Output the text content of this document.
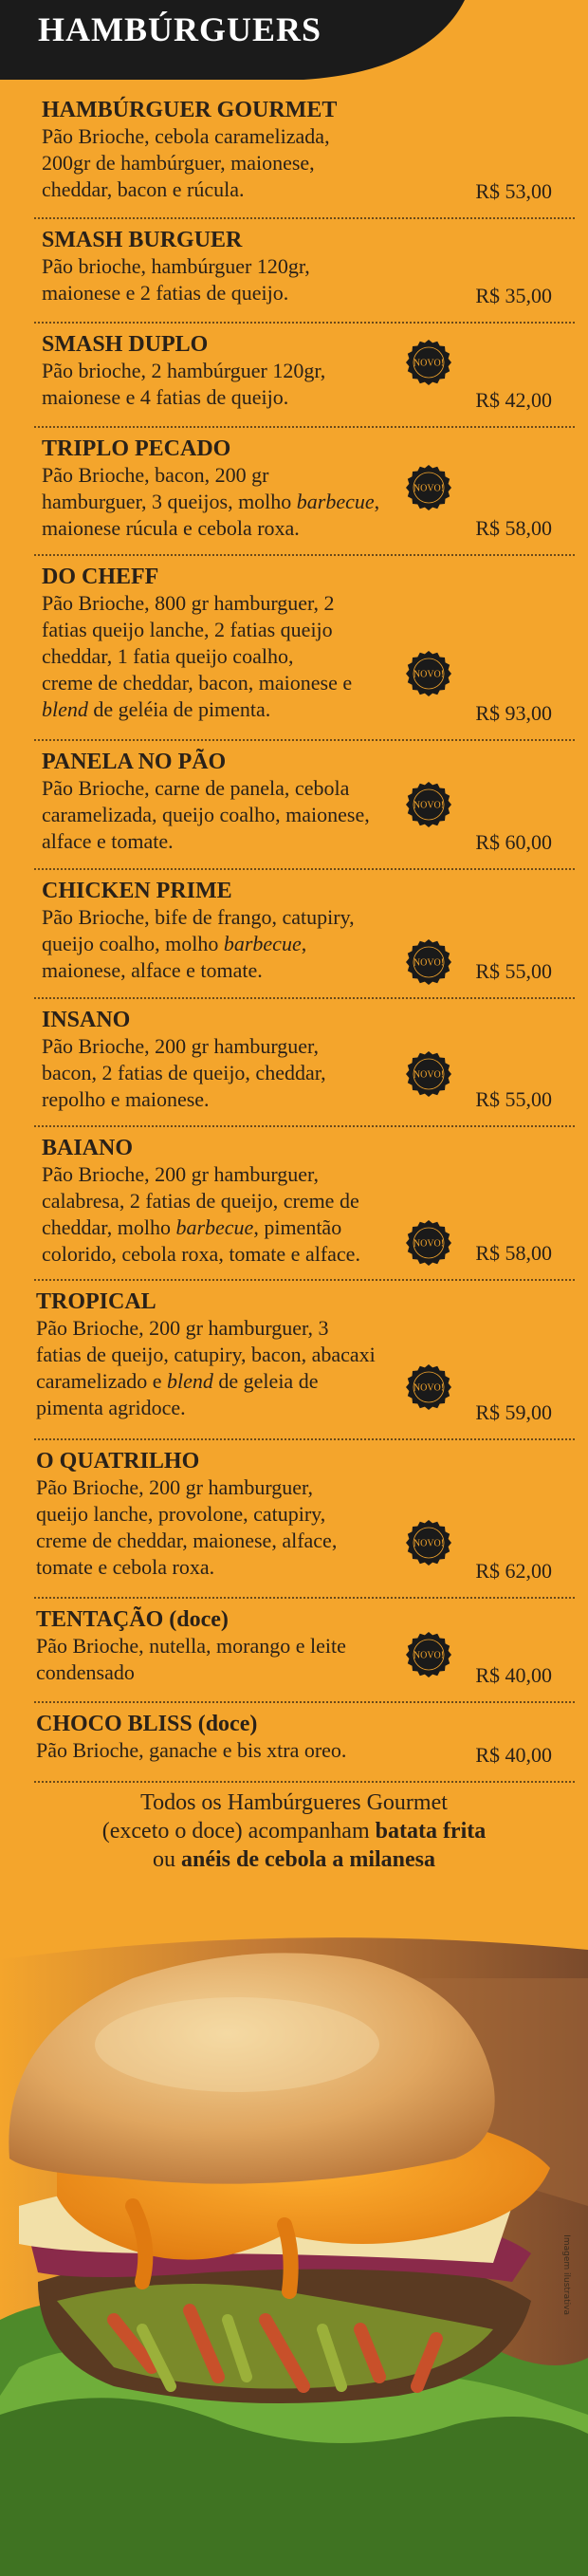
HAMBÚRGUERS
HAMBÚRGUER GOURMET
Pão Brioche, cebola caramelizada,
200gr de hambúrguer, maionese,
cheddar, bacon e rúcula.	R$ 53,00
SMASH BURGUER
Pão brioche, hambúrguer 120gr,
maionese e 2 fatias de queijo.	R$ 35,00
SMASH DUPLO
Pão brioche, 2 hambúrguer 120gr,
maionese e 4 fatias de queijo.	R$ 42,00
TRIPLO PECADO
Pão Brioche, bacon, 200 gr
hamburguer, 3 queijos, molho barbecue,
maionese rúcula e cebola roxa.	R$ 58,00
DO CHEFF
Pão Brioche, 800 gr hamburguer, 2
fatias queijo lanche, 2 fatias queijo
cheddar, 1 fatia queijo coalho,
creme de cheddar, bacon, maionese e
blend de geléia de pimenta.	R$ 93,00
PANELA NO PÃO
Pão Brioche, carne de panela, cebola
caramelizada, queijo coalho, maionese,
alface e tomate.	R$ 60,00
CHICKEN PRIME
Pão Brioche, bife de frango, catupiry,
queijo coalho, molho barbecue,
maionese, alface e tomate.	R$ 55,00
INSANO
Pão Brioche, 200 gr hamburguer,
bacon, 2 fatias de queijo, cheddar,
repolho e maionese.	R$ 55,00
BAIANO
Pão Brioche, 200 gr hamburguer,
calabresa, 2 fatias de queijo, creme de
cheddar, molho barbecue, pimentão
colorido, cebola roxa, tomate e alface.	R$ 58,00
TROPICAL
Pão Brioche, 200 gr hamburguer, 3
fatias de queijo, catupiry, bacon, abacaxi
caramelizado e blend de geleia de
pimenta agridoce.	R$ 59,00
O QUATRILHO
Pão Brioche, 200 gr hamburguer,
queijo lanche, provolone, catupiry,
creme de cheddar, maionese, alface,
tomate e cebola roxa.	R$ 62,00
TENTAÇÃO (doce)
Pão Brioche, nutella, morango e leite
condensado	R$ 40,00
CHOCO BLISS (doce)
Pão Brioche, ganache e bis xtra oreo.	R$ 40,00
Todos os Hambúrgueres Gourmet
(exceto o doce) acompanham batata frita
ou anéis de cebola a milanesa
Imagem ilustrativa
NOVO!
NOVO!
NOVO!
NOVO!
NOVO!
NOVO!
NOVO!
NOVO!
NOVO!
NOVO!
